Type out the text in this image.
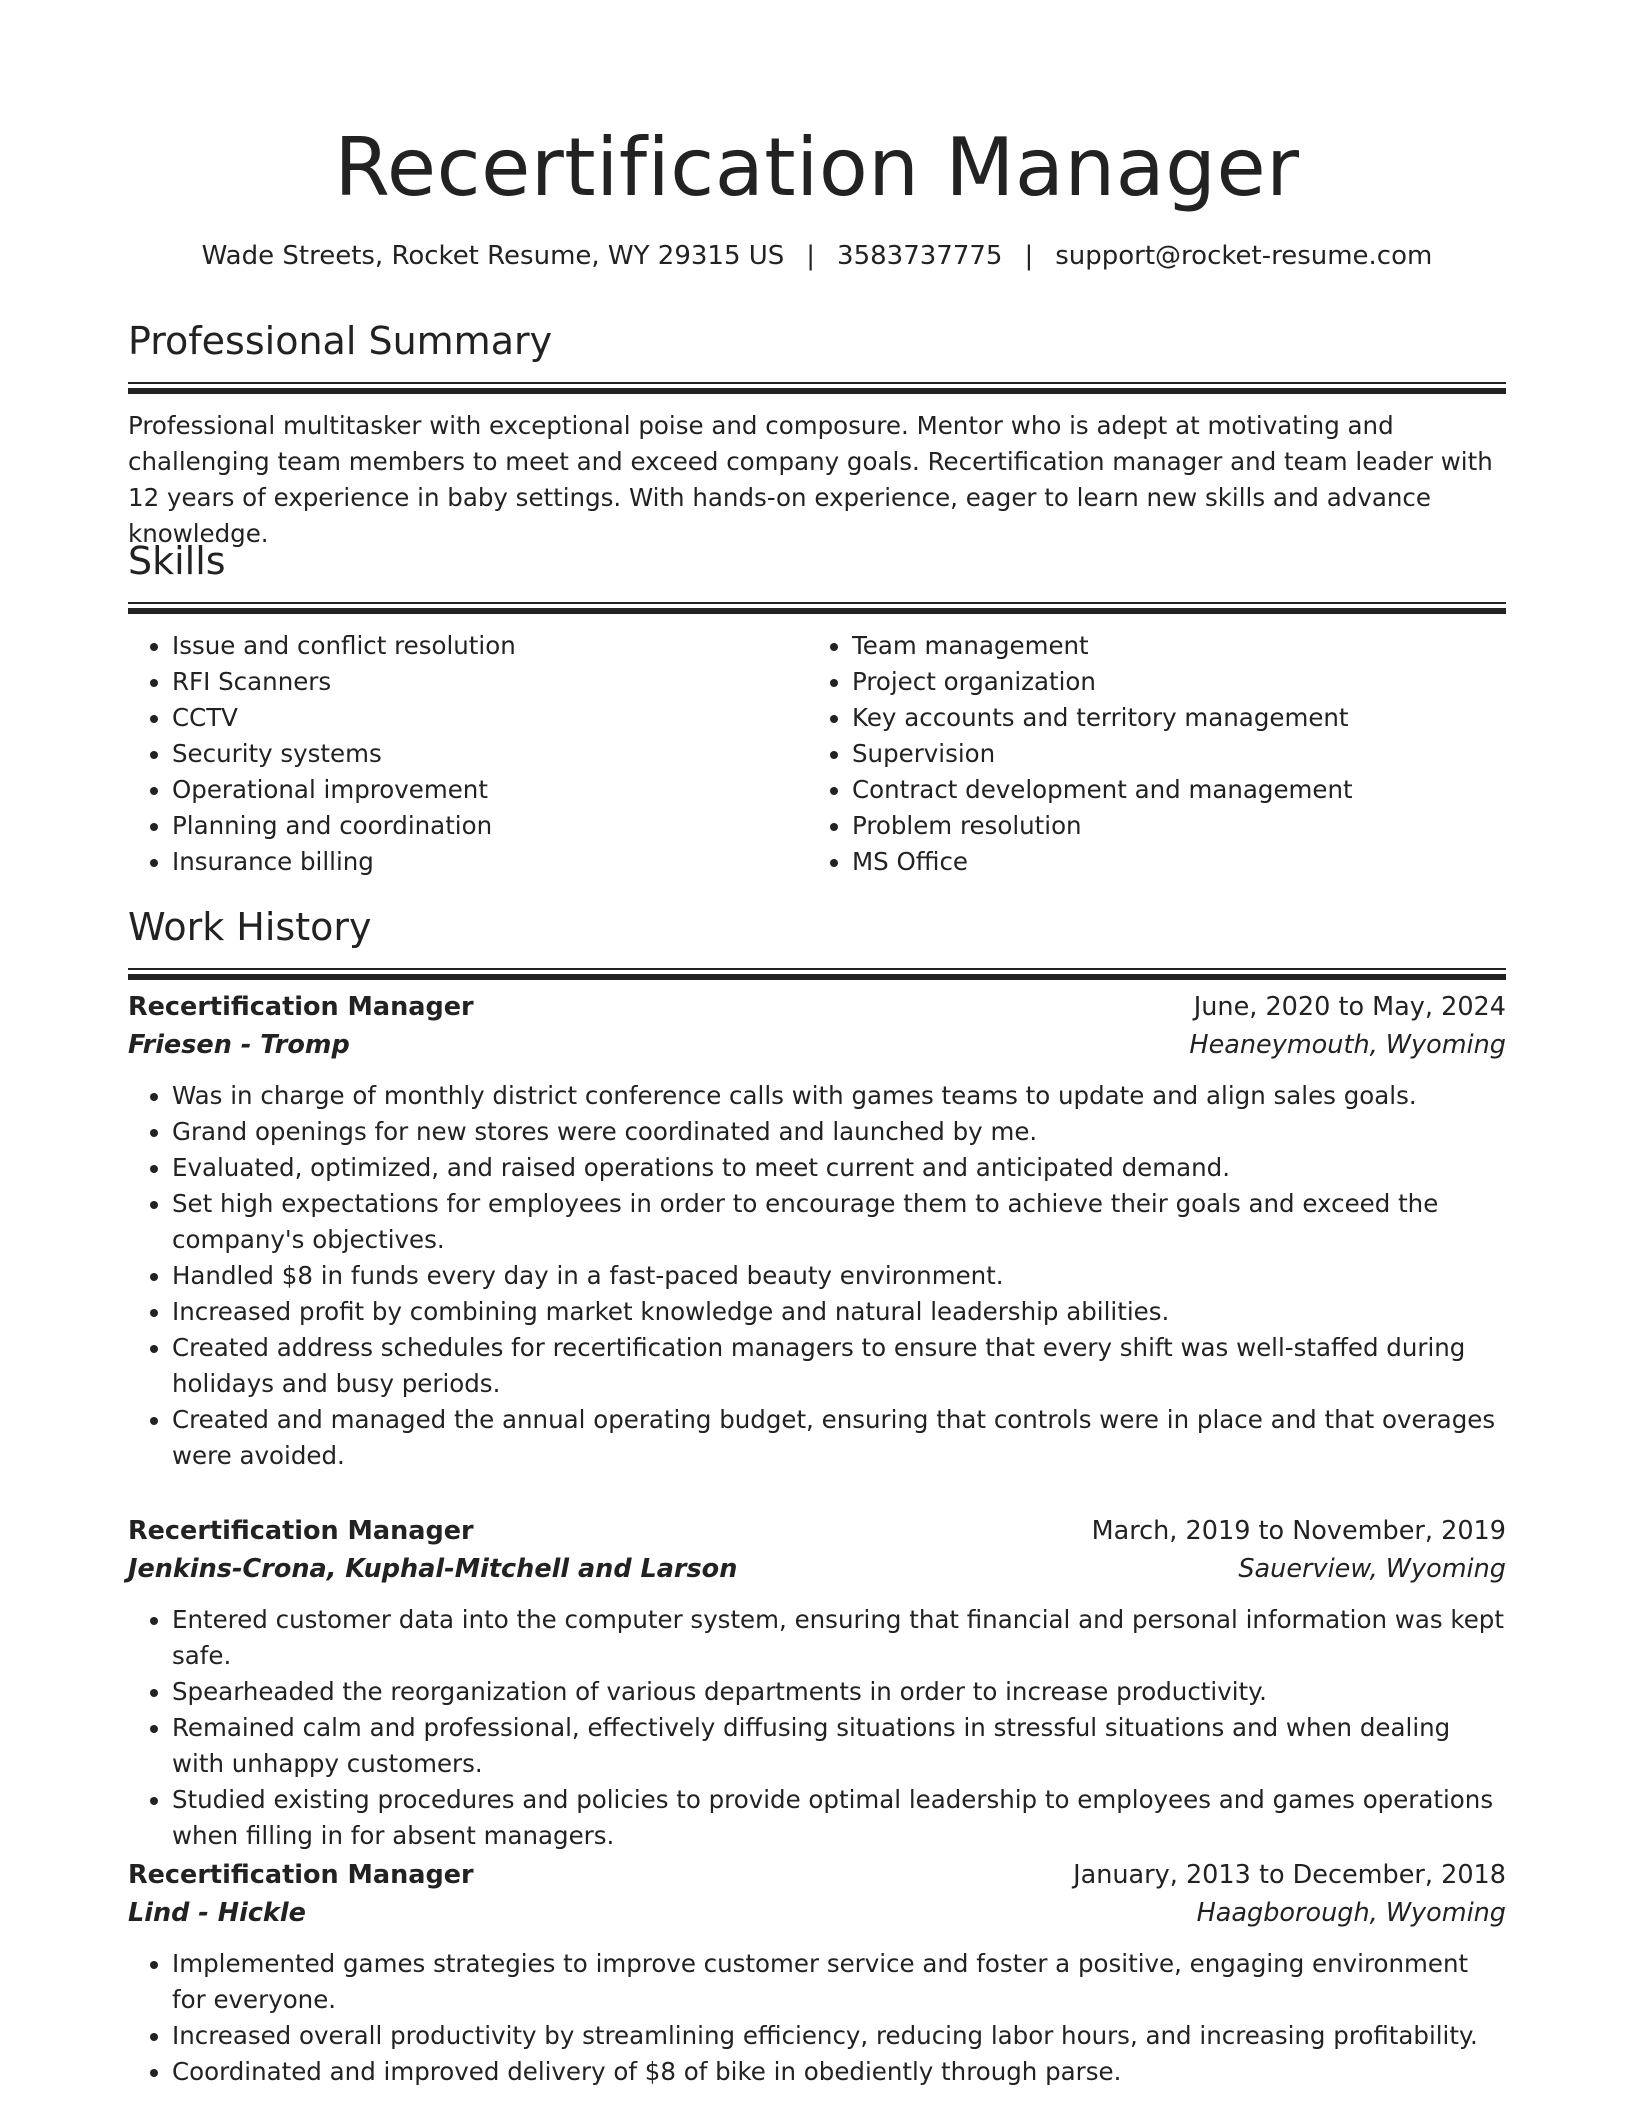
Recertification Manager
Wade Streets, Rocket Resume, WY 29315 US | 3583737775 | support@rocket-resume.com
Professional Summary

Professional multitasker with exceptional poise and composure. Mentor who is adept at motivating and challenging team members to meet and exceed company goals. Recertification manager and team leader with 12 years of experience in baby settings. With hands-on experience, eager to learn new skills and advance knowledge.

Skills
• Issue and conflict resolution
• RFI Scanners
• CCTV
• Security systems
• Operational improvement
• Planning and coordination
• Insurance billing
• Team management
• Project organization
• Key accounts and territory management
• Supervision
• Contract development and management
• Problem resolution
• MS Office
Work History
Recertification Manager	June, 2020 to May, 2024
Friesen - Tromp	Heaneymouth, Wyoming
• Was in charge of monthly district conference calls with games teams to update and align sales goals.
• Grand openings for new stores were coordinated and launched by me.
• Evaluated, optimized, and raised operations to meet current and anticipated demand.
• Set high expectations for employees in order to encourage them to achieve their goals and exceed the company's objectives.
• Handled $8 in funds every day in a fast-paced beauty environment.
• Increased profit by combining market knowledge and natural leadership abilities.
• Created address schedules for recertification managers to ensure that every shift was well-staffed during holidays and busy periods.
• Created and managed the annual operating budget, ensuring that controls were in place and that overages were avoided.
Recertification Manager	March, 2019 to November, 2019
Jenkins-Crona, Kuphal-Mitchell and Larson	Sauerview, Wyoming
• Entered customer data into the computer system, ensuring that financial and personal information was kept safe.
• Spearheaded the reorganization of various departments in order to increase productivity.
• Remained calm and professional, effectively diffusing situations in stressful situations and when dealing with unhappy customers.
• Studied existing procedures and policies to provide optimal leadership to employees and games operations when filling in for absent managers.
Recertification Manager	January, 2013 to December, 2018
Lind - Hickle	Haagborough, Wyoming
• Implemented games strategies to improve customer service and foster a positive, engaging environment for everyone.
• Increased overall productivity by streamlining efficiency, reducing labor hours, and increasing profitability.
• Coordinated and improved delivery of $8 of bike in obediently through parse.
